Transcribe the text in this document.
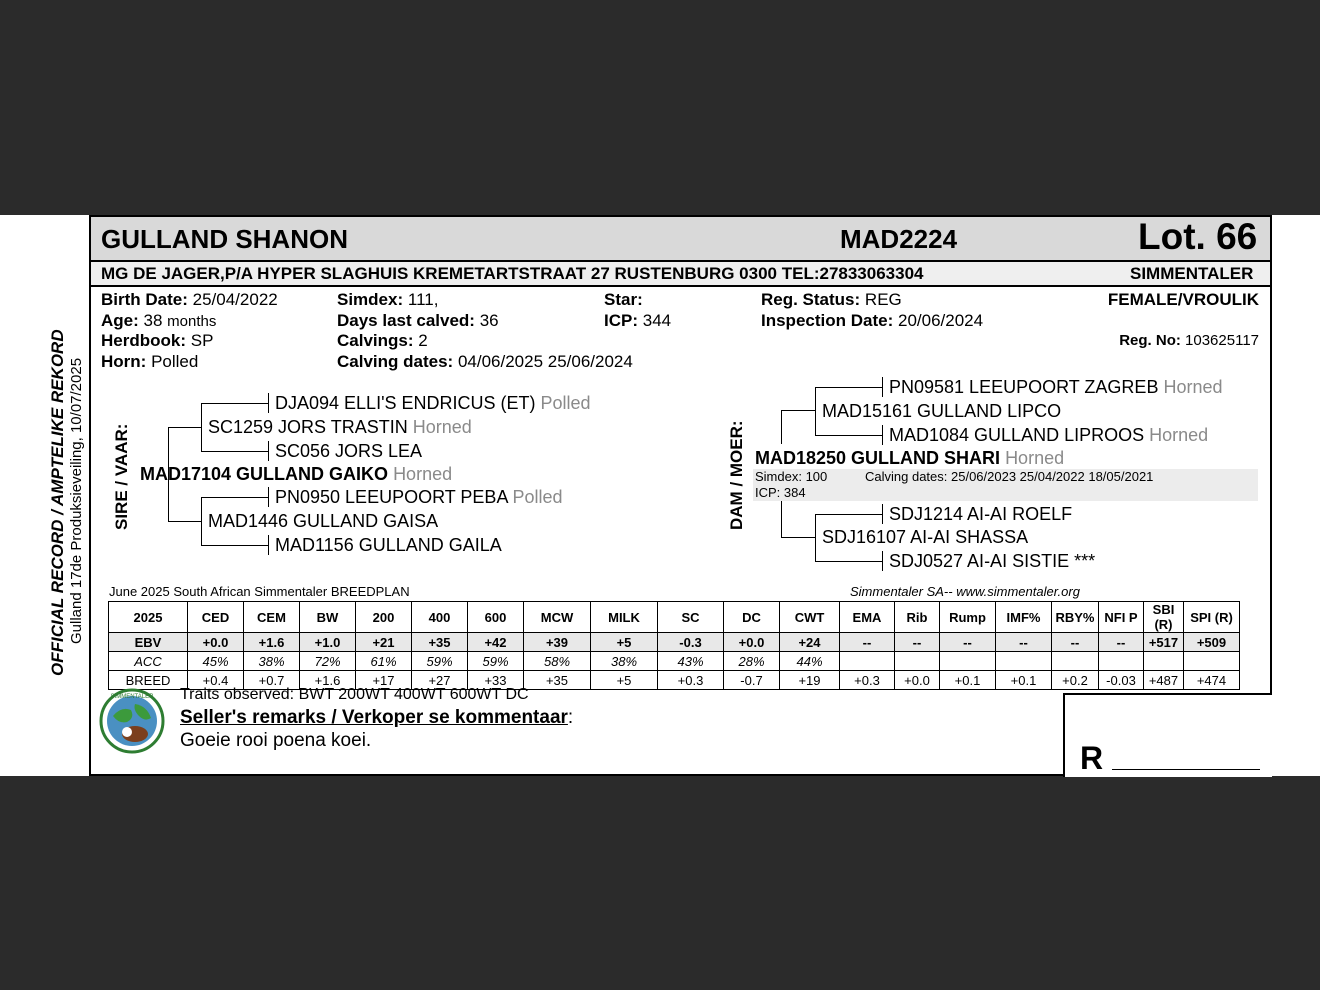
GULLAND SHANON	MAD2224	Lot. 66
MG DE JAGER,P/A HYPER SLAGHUIS KREMETARTSTRAAT 27 RUSTENBURG 0300 TEL:27833063304	SIMMENTALER
Birth Date: 25/04/2022
Age: 38 months
Herdbook: SP
Horn: Polled
Simdex: 111,
Days last calved: 36
Calvings: 2
Calving dates: 04/06/2025 25/06/2024
Star:
ICP: 344
Reg. Status: REG
Inspection Date: 20/06/2024
FEMALE/VROULIK
Reg. No: 103625117
OFFICIAL RECORD / AMPTELIKE REKORD Gulland 17de Produksieveiling, 10/07/2025 SIRE / VAAR:
DJA094 ELLI'S ENDRICUS (ET) Polled
SC1259 JORS TRASTIN Horned
SC056 JORS LEA
MAD17104 GULLAND GAIKO Horned
PN0950 LEEUPOORT PEBA Polled
MAD1446 GULLAND GAISA
MAD1156 GULLAND GAILA
DAM / MOER:
PN09581 LEEUPOORT ZAGREB Horned
MAD15161 GULLAND LIPCO
MAD1084 GULLAND LIPROOS Horned
MAD18250 GULLAND SHARI Horned
Simdex: 100
ICP: 384
Calving dates: 25/06/2023 25/04/2022 18/05/2021
SDJ1214 AI-AI ROELF
SDJ16107 AI-AI SHASSA
SDJ0527 AI-AI SISTIE ***
June 2025 South African Simmentaler BREEDPLAN	Simmentaler SA-- www.simmentaler.org
2025	CED	CEM	BW	200	400	600	MCW	MILK	SC	DC	CWT	EMA	Rib	Rump	IMF%	RBY%	NFI P	SBI (R)	SPI (R)
EBV	+0.0	+1.6	+1.0	+21	+35	+42	+39	+5	-0.3	+0.0	+24	--	--	--	--	--	--	+517	+509
ACC	45%	38%	72%	61%	59%	59%	58%	38%	43%	28%	44%								
BREED	+0.4	+0.7	+1.6	+17	+27	+33	+35	+5	+0.3	-0.7	+19	+0.3	+0.0	+0.1	+0.1	+0.2	-0.03	+487	+474
SIMMENTALER Traits observed: BWT 200WT 400WT 600WT DC
Seller's remarks / Verkoper se kommentaar:
Goeie rooi poena koei.	R
